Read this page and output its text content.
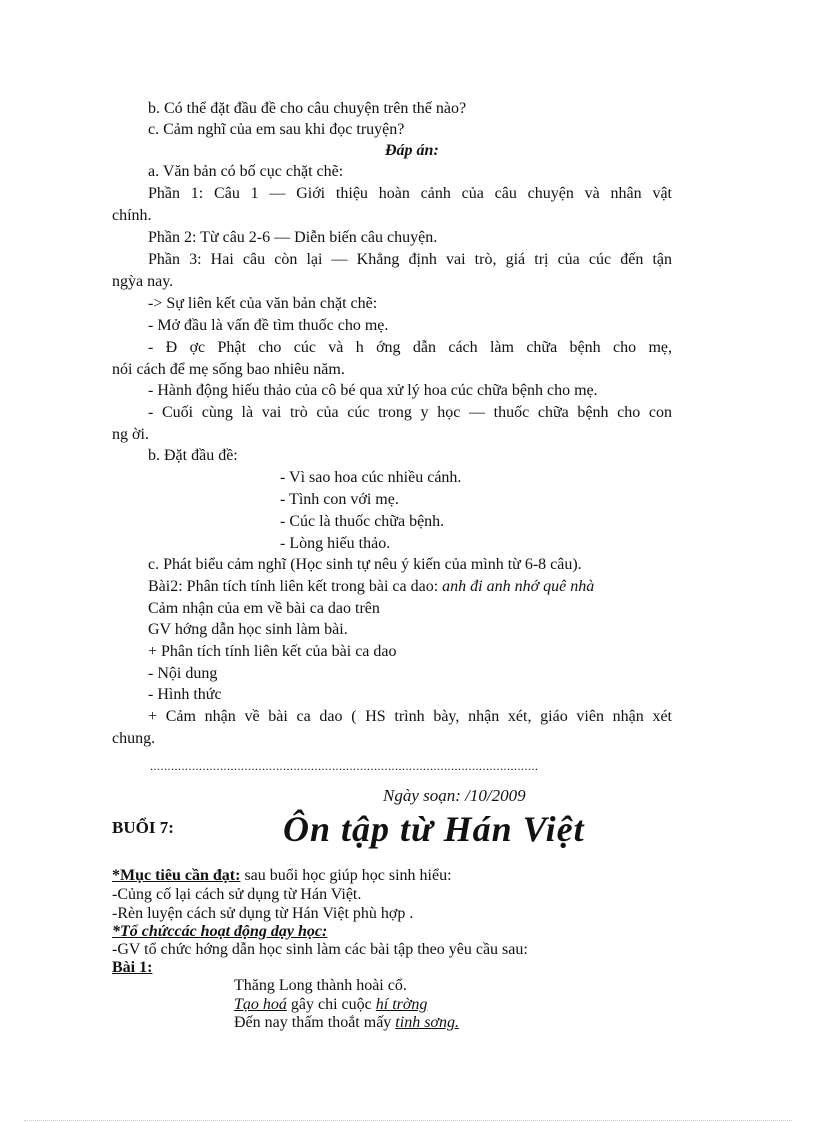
b. Có thể đặt đầu đề cho câu chuyện trên thế nào?
c. Cảm nghĩ của em sau khi đọc truyện?
Đáp án:
a. Văn bản có bố cục chặt chẽ:
Phần 1: Câu 1 — Giới thiệu hoàn cảnh của câu chuyện và nhân vật
chính.
Phần 2: Từ câu 2-6 — Diễn biến câu chuyện.
Phần 3: Hai câu còn lại — Khẳng định vai trò, giá trị của cúc đến tận
ngỳa nay.
-> Sự liên kết của văn bản chặt chẽ:
- Mở đầu là vấn đề tìm thuốc cho mẹ.
- Đ ợc Phật cho cúc và h ớng dẫn cách làm chữa bệnh cho mẹ,
nói cách để mẹ sống bao nhiêu năm.
- Hành động hiếu thảo của cô bé qua xử lý hoa cúc chữa bệnh cho mẹ.
- Cuối cùng là vai trò của cúc trong y học — thuốc chữa bệnh cho con
ng ời.
b. Đặt đầu đề:
- Vì sao hoa cúc nhiều cánh.
- Tình con với mẹ.
- Cúc là thuốc chữa bệnh.
- Lòng hiếu thảo.
c. Phát biểu cảm nghĩ (Học sinh tự nêu ý kiến của mình từ 6-8 câu).
Bài2: Phân tích tính liên kết trong bài ca dao: anh đi anh nhớ quê nhà
Cảm nhận của em về bài ca dao trên
GV hớng dẫn học sinh làm bài.
+ Phân tích tính liên kết của bài ca dao
- Nội dung
- Hình thức
+ Cảm nhận về bài ca dao ( HS trình bày, nhận xét, giáo viên nhận xét
chung.
...............................................................................................................
Ngày soạn: /10/2009
BUỔI 7:	Ôn tập từ Hán Việt
*Mục tiêu cần đạt: sau buổi học giúp học sinh hiểu:
-Củng cố lại cách sử dụng từ Hán Việt.
-Rèn luyện cách sử dụng từ Hán Việt phù hợp .
*Tổ chứccác hoạt động dạy học:
-GV tổ chức hớng dẫn học sinh làm các bài tập theo yêu cầu sau:
Bài 1:
Thăng Long thành hoài cổ.
Tạo hoá gây chi cuộc hí trờng
Đến nay thấm thoắt mấy tinh sơng.
